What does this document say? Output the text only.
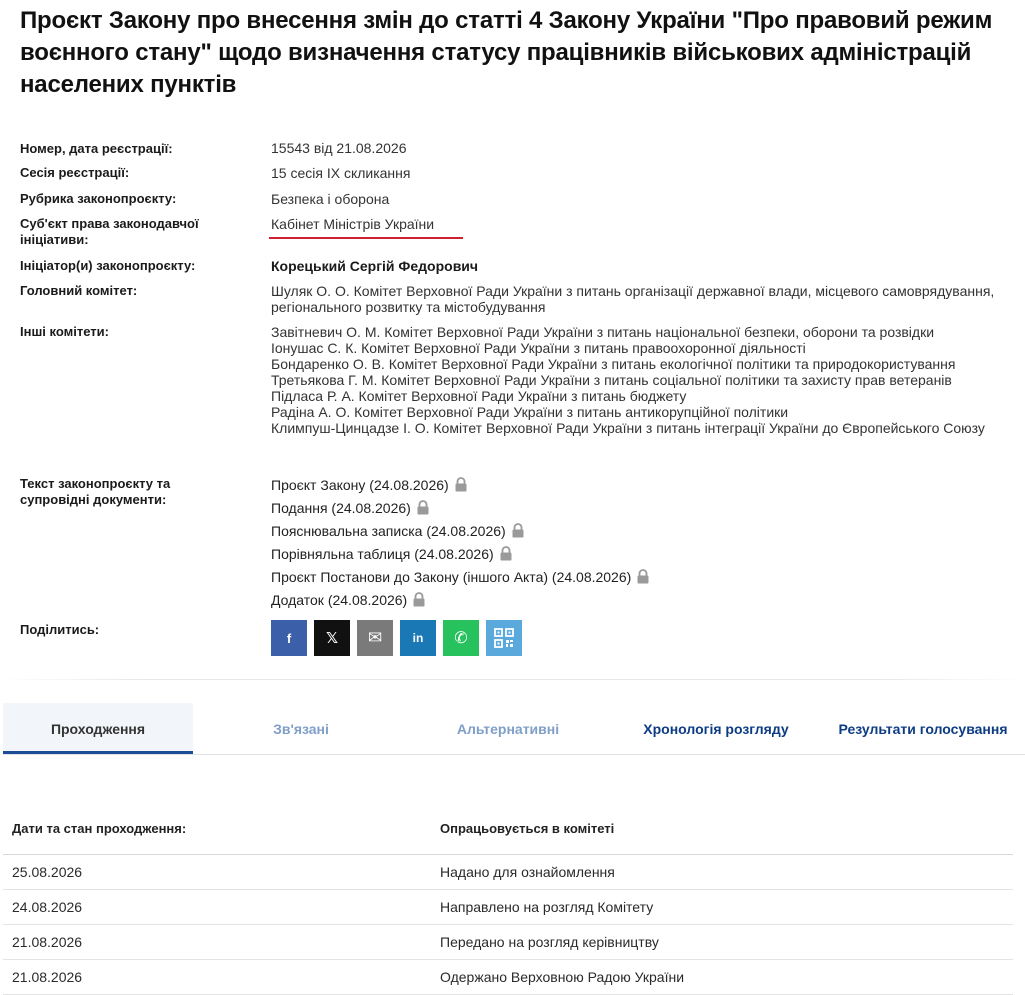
Проєкт Закону про внесення змін до статті 4 Закону України "Про правовий режим воєнного стану" щодо визначення статусу працівників військових адміністрацій населених пунктів
Номер, дата реєстрації:	15543 від 21.08.2026
Сесія реєстрації:	15 сесія IX скликання
Рубрика законопроєкту:	Безпека і оборона
Суб'єкт права законодавчої ініціативи:
Кабінет Міністрів України
Ініціатор(и) законопроєкту:	Корецький Сергій Федорович
Головний комітет:	Шуляк О. О. Комітет Верховної Ради України з питань організації державної влади, місцевого самоврядування, регіонального розвитку та містобудування
Інші комітети:	Завітневич О. М. Комітет Верховної Ради України з питань національної безпеки, оборони та розвідки
Іонушас С. К. Комітет Верховної Ради України з питань правоохоронної діяльності
Бондаренко О. В. Комітет Верховної Ради України з питань екологічної політики та природокористування
Третьякова Г. М. Комітет Верховної Ради України з питань соціальної політики та захисту прав ветеранів
Підласа Р. А. Комітет Верховної Ради України з питань бюджету
Радіна А. О. Комітет Верховної Ради України з питань антикорупційної політики
Климпуш-Цинцадзе І. О. Комітет Верховної Ради України з питань інтеграції України до Європейського Союзу
Текст законопроєкту та супровідні документи:
Проєкт Закону (24.08.2026)
Подання (24.08.2026)
Пояснювальна записка (24.08.2026)
Порівняльна таблиця (24.08.2026)
Проєкт Постанови до Закону (іншого Акта) (24.08.2026)
Додаток (24.08.2026)
Поділитись:
f 𝕏 ✉	in ✆
Проходження	Зв'язані	Альтернативні	Хронологія розгляду	Результати голосування
Дати та стан проходження:	Опрацьовується в комітеті
25.08.2026	Надано для ознайомлення
24.08.2026	Направлено на розгляд Комітету
21.08.2026	Передано на розгляд керівництву
21.08.2026	Одержано Верховною Радою України
